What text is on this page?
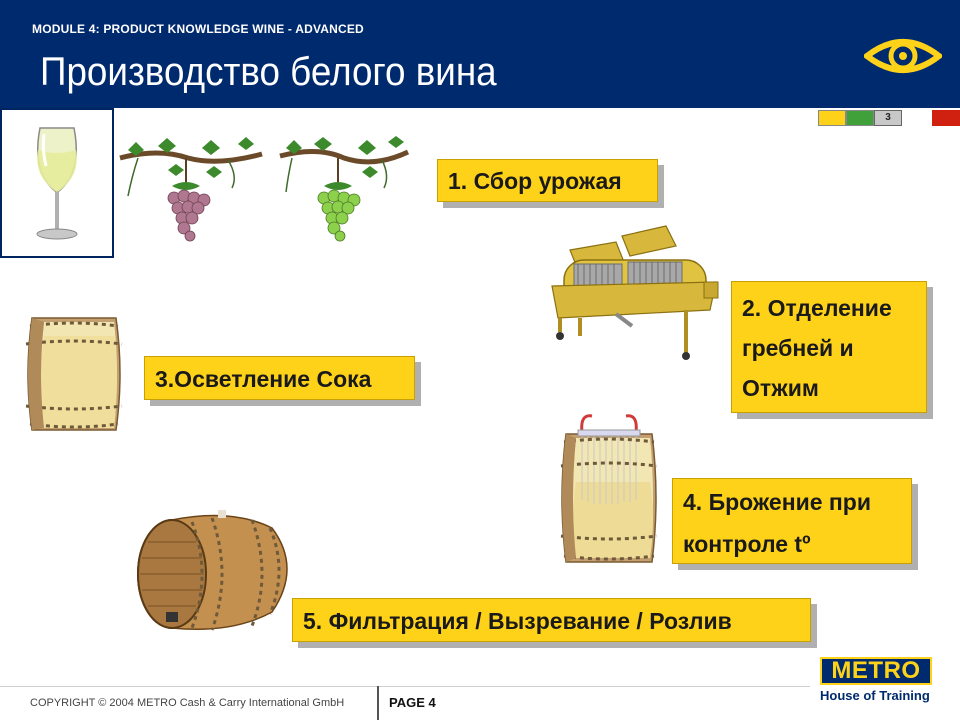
MODULE 4: PRODUCT KNOWLEDGE WINE - ADVANCED
Производство белого вина
3
1. Сбор урожая
2. Отделение
гребней и
Отжим
3.Осветление Сока
4. Брожение при
контроле tº
5. Фильтрация / Вызревание / Розлив
COPYRIGHT © 2004 METRO Cash & Carry International GmbH	PAGE 4
METRO
House of Training
